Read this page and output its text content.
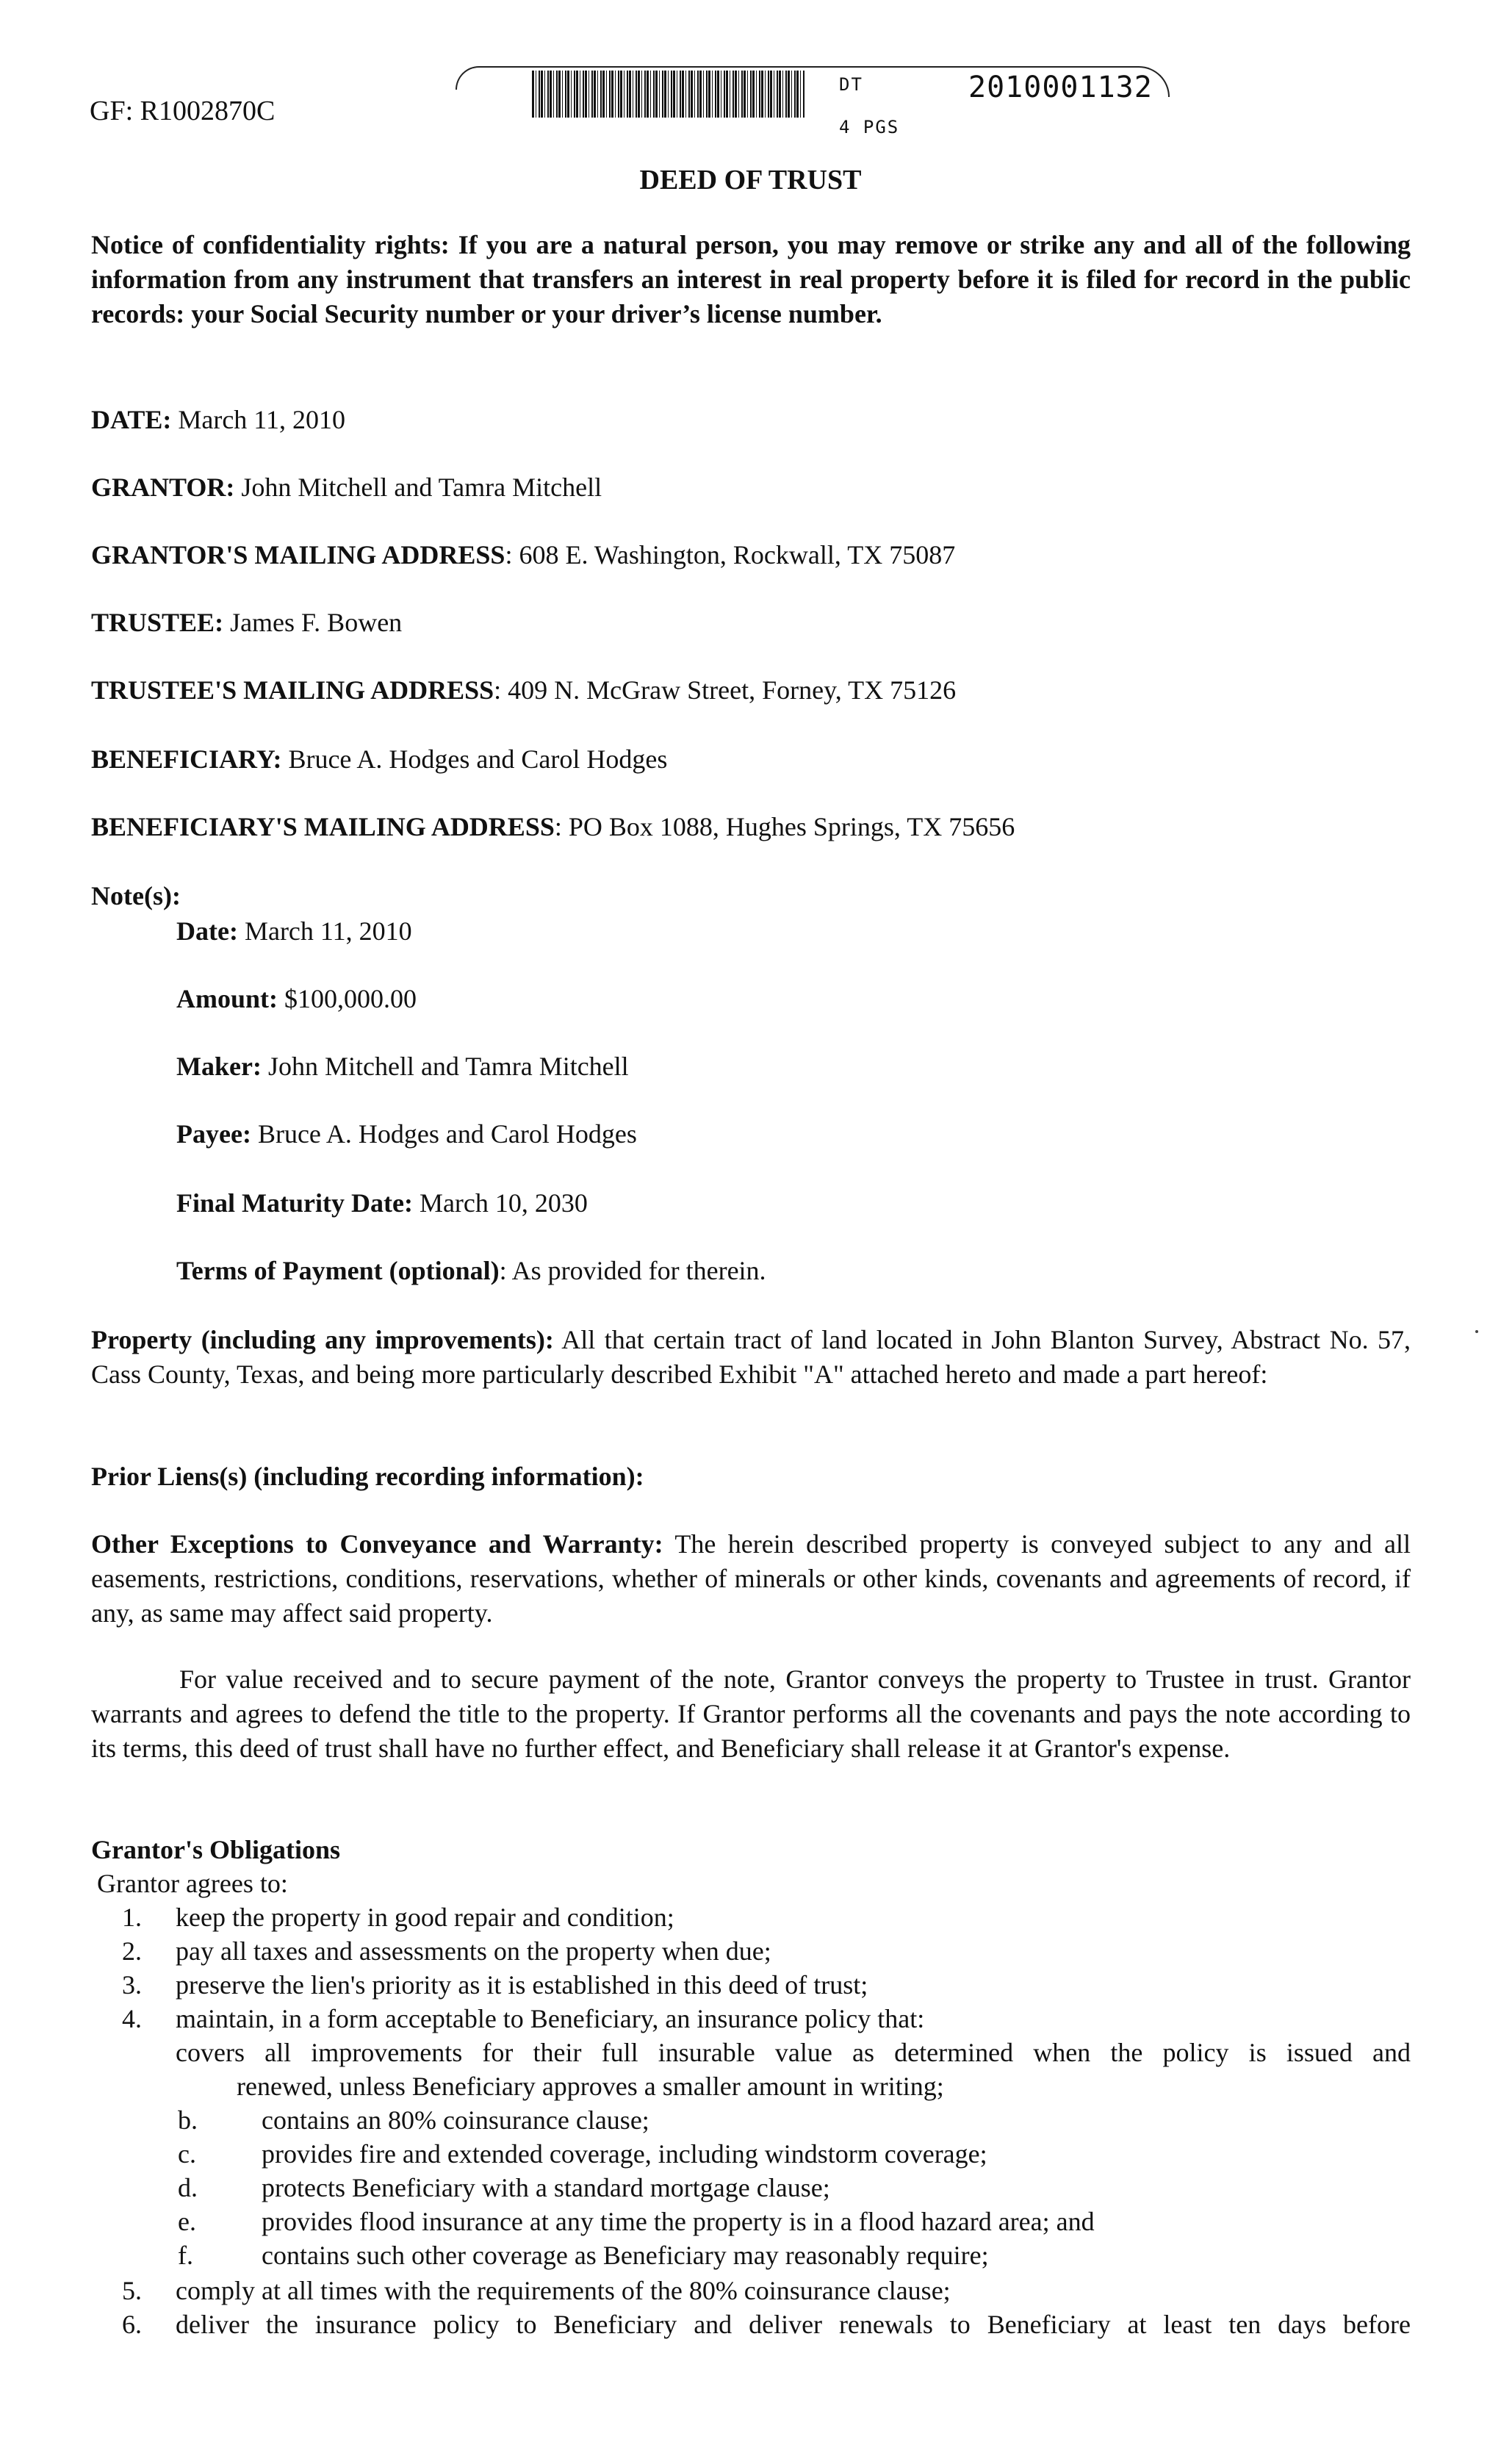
GF: R1002870C
DT
4 PGS
2010001132
DEED OF TRUST
Notice of confidentiality rights: If you are a natural person, you may remove or strike any and all of the following information from any instrument that transfers an interest in real property before it is filed for record in the public records: your Social Security number or your driver’s license number.
DATE: March 11, 2010
GRANTOR: John Mitchell and Tamra Mitchell
GRANTOR'S MAILING ADDRESS: 608 E. Washington, Rockwall, TX 75087
TRUSTEE: James F. Bowen
TRUSTEE'S MAILING ADDRESS: 409 N. McGraw Street, Forney, TX 75126
BENEFICIARY: Bruce A. Hodges and Carol Hodges
BENEFICIARY'S MAILING ADDRESS: PO Box 1088, Hughes Springs, TX 75656
Note(s):
Date: March 11, 2010
Amount: $100,000.00
Maker: John Mitchell and Tamra Mitchell
Payee: Bruce A. Hodges and Carol Hodges
Final Maturity Date: March 10, 2030
Terms of Payment (optional): As provided for therein.
Property (including any improvements): All that certain tract of land located in John Blanton Survey, Abstract No. 57, Cass County, Texas, and being more particularly described Exhibit "A" attached hereto and made a part hereof:
Prior Liens(s) (including recording information):
Other Exceptions to Conveyance and Warranty: The herein described property is conveyed subject to any and all easements, restrictions, conditions, reservations, whether of minerals or other kinds, covenants and agreements of record, if any, as same may affect said property.
For value received and to secure payment of the note, Grantor conveys the property to Trustee in trust. Grantor warrants and agrees to defend the title to the property. If Grantor performs all the covenants and pays the note according to its terms, this deed of trust shall have no further effect, and Beneficiary shall release it at Grantor's expense.
Grantor's Obligations
Grantor agrees to:
1. keep the property in good repair and condition;
2. pay all taxes and assessments on the property when due;
3. preserve the lien's priority as it is established in this deed of trust;
4. maintain, in a form acceptable to Beneficiary, an insurance policy that:
covers all improvements for their full insurable value as determined when the policy is issued and
renewed, unless Beneficiary approves a smaller amount in writing;
b. contains an 80% coinsurance clause;
c. provides fire and extended coverage, including windstorm coverage;
d. protects Beneficiary with a standard mortgage clause;
e. provides flood insurance at any time the property is in a flood hazard area; and
f.	contains such other coverage as Beneficiary may reasonably require;
5. comply at all times with the requirements of the 80% coinsurance clause;
6. deliver the insurance policy to Beneficiary and deliver renewals to Beneficiary at least ten days before
